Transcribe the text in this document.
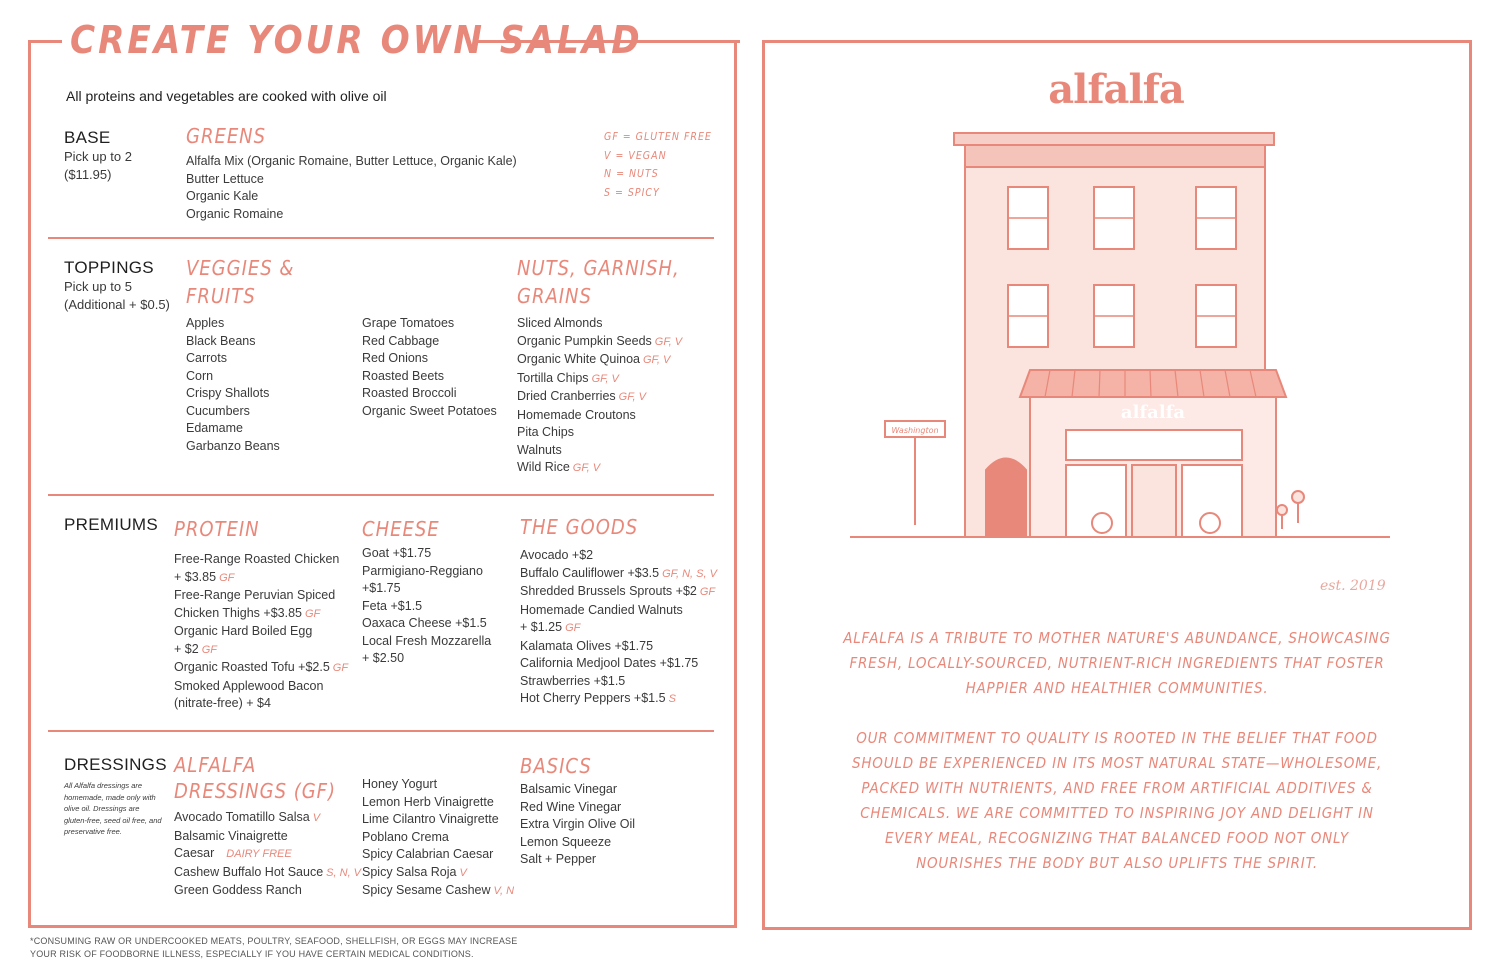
CREATE YOUR OWN SALAD
All proteins and vegetables are cooked with olive oil
BASE
Pick up to 2
($11.95)
GREENS
Alfalfa Mix (Organic Romaine, Butter Lettuce, Organic Kale)
Butter Lettuce
Organic Kale
Organic Romaine
GF = GLUTEN FREE
V = VEGAN
N = NUTS
S = SPICY
TOPPINGS
Pick up to 5
(Additional + $0.5)
VEGGIES &
FRUITS
Apples
Black Beans
Carrots
Corn
Crispy Shallots
Cucumbers
Edamame
Garbanzo Beans
Grape Tomatoes
Red Cabbage
Red Onions
Roasted Beets
Roasted Broccoli
Organic Sweet Potatoes
NUTS, GARNISH,
GRAINS
Sliced Almonds
Organic Pumpkin Seeds GF, V
Organic White Quinoa GF, V
Tortilla Chips GF, V
Dried Cranberries GF, V
Homemade Croutons
Pita Chips
Walnuts
Wild Rice GF, V
PREMIUMS PROTEIN
Free-Range Roasted Chicken
+ $3.85 GF
Free-Range Peruvian Spiced
Chicken Thighs +$3.85 GF
Organic Hard Boiled Egg
+ $2 GF
Organic Roasted Tofu +$2.5 GF
Smoked Applewood Bacon
(nitrate-free) + $4
CHEESE
Goat +$1.75
Parmigiano-Reggiano
+$1.75
Feta +$1.5
Oaxaca Cheese +$1.5
Local Fresh Mozzarella
+ $2.50
THE GOODS
Avocado +$2
Buffalo Cauliflower +$3.5 GF, N, S, V
Shredded Brussels Sprouts +$2 GF
Homemade Candied Walnuts
+ $1.25 GF
Kalamata Olives +$1.75
California Medjool Dates +$1.75
Strawberries +$1.5
Hot Cherry Peppers +$1.5 S
DRESSINGS
All Alfalfa dressings are homemade, made only with olive oil. Dressings are gluten-free, seed oil free, and preservative free.
ALFALFA
DRESSINGS (GF)
Avocado Tomatillo Salsa V
Balsamic Vinaigrette
Caesar DAIRY FREE
Cashew Buffalo Hot Sauce S, N, V
Green Goddess Ranch
Honey Yogurt
Lemon Herb Vinaigrette
Lime Cilantro Vinaigrette
Poblano Crema
Spicy Calabrian Caesar
Spicy Salsa Roja V
Spicy Sesame Cashew V, N
BASICS
Balsamic Vinegar
Red Wine Vinegar
Extra Virgin Olive Oil
Lemon Squeeze
Salt + Pepper
*CONSUMING RAW OR UNDERCOOKED MEATS, POULTRY, SEAFOOD, SHELLFISH, OR EGGS MAY INCREASE
YOUR RISK OF FOODBORNE ILLNESS, ESPECIALLY IF YOU HAVE CERTAIN MEDICAL CONDITIONS.
alfalfa
Washington
alfalfa
est. 2019
ALFALFA IS A TRIBUTE TO MOTHER NATURE'S ABUNDANCE, SHOWCASING FRESH, LOCALLY-SOURCED, NUTRIENT-RICH INGREDIENTS THAT FOSTER HAPPIER AND HEALTHIER COMMUNITIES.
OUR COMMITMENT TO QUALITY IS ROOTED IN THE BELIEF THAT FOOD SHOULD BE EXPERIENCED IN ITS MOST NATURAL STATE—WHOLESOME, PACKED WITH NUTRIENTS, AND FREE FROM ARTIFICIAL ADDITIVES & CHEMICALS. WE ARE COMMITTED TO INSPIRING JOY AND DELIGHT IN EVERY MEAL, RECOGNIZING THAT BALANCED FOOD NOT ONLY NOURISHES THE BODY BUT ALSO UPLIFTS THE SPIRIT.
